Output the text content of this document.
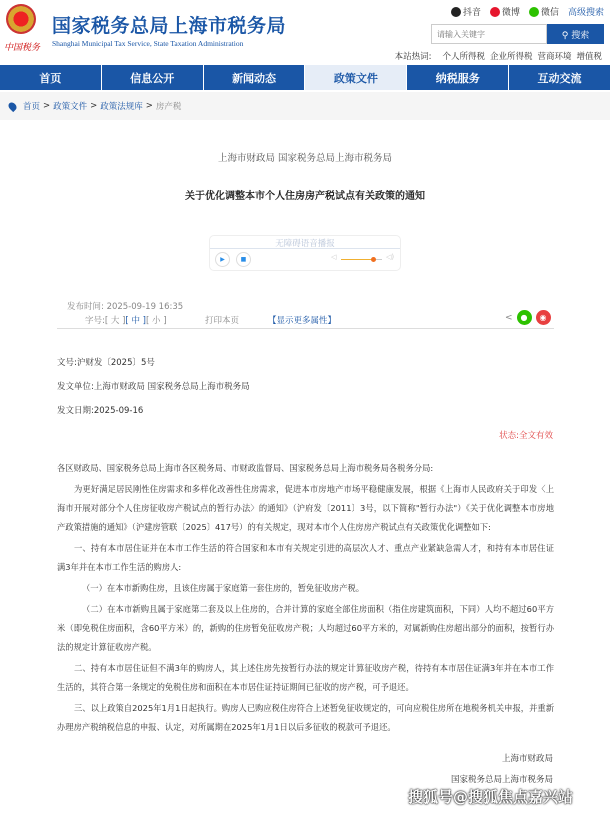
中国税务
国家税务总局上海市税务局
Shanghai Municipal Tax Service, State Taxation Administration
抖音 微博 微信 高级搜索
请输入关键字
⚲ 搜索
本站热词: 个人所得税 企业所得税 营商环境 增值税
首页	信息公开	新闻动态	政策文件	纳税服务	互动交流
首页 > 政策文件 > 政策法规库 > 房产税
上海市财政局 国家税务总局上海市税务局
关于优化调整本市个人住房房产税试点有关政策的通知
无障碍语音播报
▶	■	◁	◁)
发布时间: 2025-09-19 16:35
字号: [ 大 ] [ 中 ] [ 小 ]	打印本页	【显示更多属性】	<	●	◉
文号:沪财发〔2025〕5号
发文单位:上海市财政局 国家税务总局上海市税务局
发文日期:2025-09-16
状态:全文有效

各区财政局、国家税务总局上海市各区税务局、市财政监督局、国家税务总局上海市税务局各税务分局:

为更好满足居民刚性住房需求和多样化改善性住房需求，促进本市房地产市场平稳健康发展，根据《上海市人民政府关于印发〈上海市开展对部分个人住房征收房产税试点的暂行办法〉的通知》（沪府发〔2011〕3号，以下简称"暂行办法"）《关于优化调整本市房地产政策措施的通知》（沪建房管联〔2025〕417号）的有关规定，现对本市个人住房房产税试点有关政策优化调整如下:

一、持有本市居住证并在本市工作生活的符合国家和本市有关规定引进的高层次人才、重点产业紧缺急需人才，和持有本市居住证满3年并在本市工作生活的购房人:

（一）在本市新购住房，且该住房属于家庭第一套住房的，暂免征收房产税。

（二）在本市新购且属于家庭第二套及以上住房的，合并计算的家庭全部住房面积（指住房建筑面积，下同）人均不超过60平方米（即免税住房面积，含60平方米）的，新购的住房暂免征收房产税；人均超过60平方米的，对属新购住房超出部分的面积，按暂行办法的规定计算征收房产税。

二、持有本市居住证但不满3年的购房人，其上述住房先按暂行办法的规定计算征收房产税，待持有本市居住证满3年并在本市工作生活的，其符合第一条规定的免税住房和面积在本市居住证持证期间已征收的房产税，可予退还。

三、以上政策自2025年1月1日起执行。购房人已购应税住房符合上述暂免征收规定的，可向应税住房所在地税务机关申报，并重新办理房产税纳税信息的申报、认定，对所属期在2025年1月1日以后多征收的税款可予退还。

上海市财政局
国家税务总局上海市税务局
搜狐号@搜狐焦点嘉兴站
